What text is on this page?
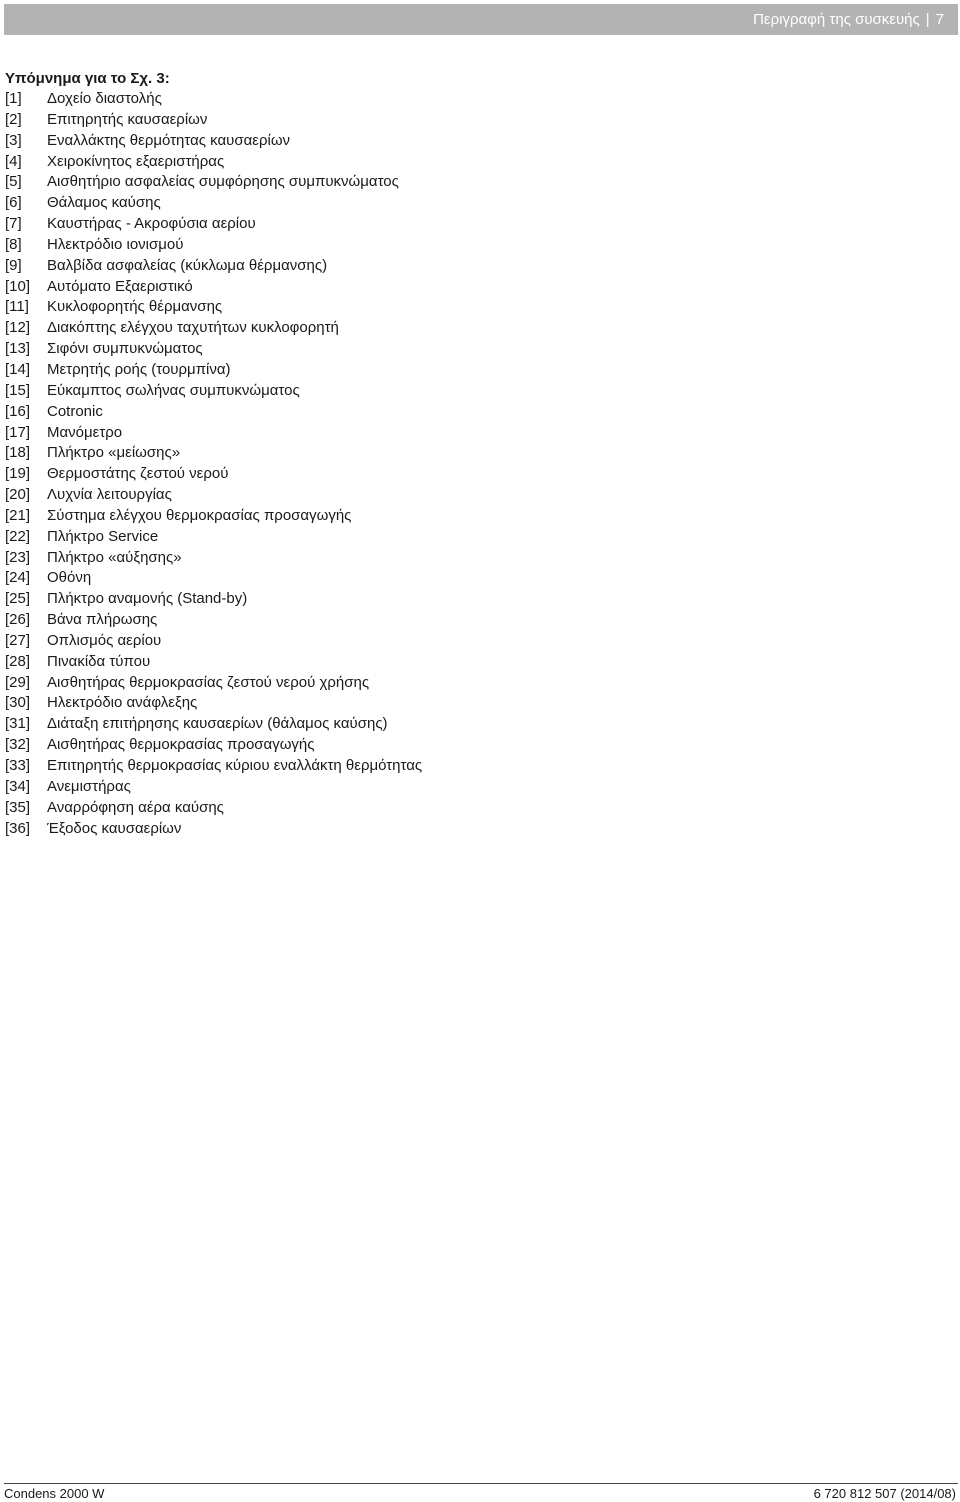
Περιγραφή της συσκευής | 7

Υπόμνημα για το Σχ. 3:

[1]	Δοχείο διαστολής
[2]	Επιτηρητής καυσαερίων
[3]	Εναλλάκτης θερμότητας καυσαερίων
[4]	Χειροκίνητος εξαεριστήρας
[5]	Αισθητήριο ασφαλείας συμφόρησης συμπυκνώματος
[6]	Θάλαμος καύσης
[7]	Καυστήρας - Ακροφύσια αερίου
[8]	Ηλεκτρόδιο ιονισμού
[9]	Βαλβίδα ασφαλείας (κύκλωμα θέρμανσης)
[10]	Αυτόματο Εξαεριστικό
[11]	Κυκλοφορητής θέρμανσης
[12]	Διακόπτης ελέγχου ταχυτήτων κυκλοφορητή
[13]	Σιφόνι συμπυκνώματος
[14]	Μετρητής ροής (τουρμπίνα)
[15]	Εύκαμπτος σωλήνας συμπυκνώματος
[16]	Cotronic
[17]	Μανόμετρο
[18]	Πλήκτρο «μείωσης»
[19]	Θερμοστάτης ζεστού νερού
[20]	Λυχνία λειτουργίας
[21]	Σύστημα ελέγχου θερμοκρασίας προσαγωγής
[22]	Πλήκτρο Service
[23]	Πλήκτρο «αύξησης»
[24]	Οθόνη
[25]	Πλήκτρο αναμονής (Stand-by)
[26]	Βάνα πλήρωσης
[27]	Οπλισμός αερίου
[28]	Πινακίδα τύπου
[29]	Αισθητήρας θερμοκρασίας ζεστού νερού χρήσης
[30]	Ηλεκτρόδιο ανάφλεξης
[31]	Διάταξη επιτήρησης καυσαερίων (θάλαμος καύσης)
[32]	Αισθητήρας θερμοκρασίας προσαγωγής
[33]	Επιτηρητής θερμοκρασίας κύριου εναλλάκτη θερμότητας
[34]	Ανεμιστήρας
[35]	Αναρρόφηση αέρα καύσης
[36]	Έξοδος καυσαερίων
Condens 2000 W	6 720 812 507 (2014/08)
